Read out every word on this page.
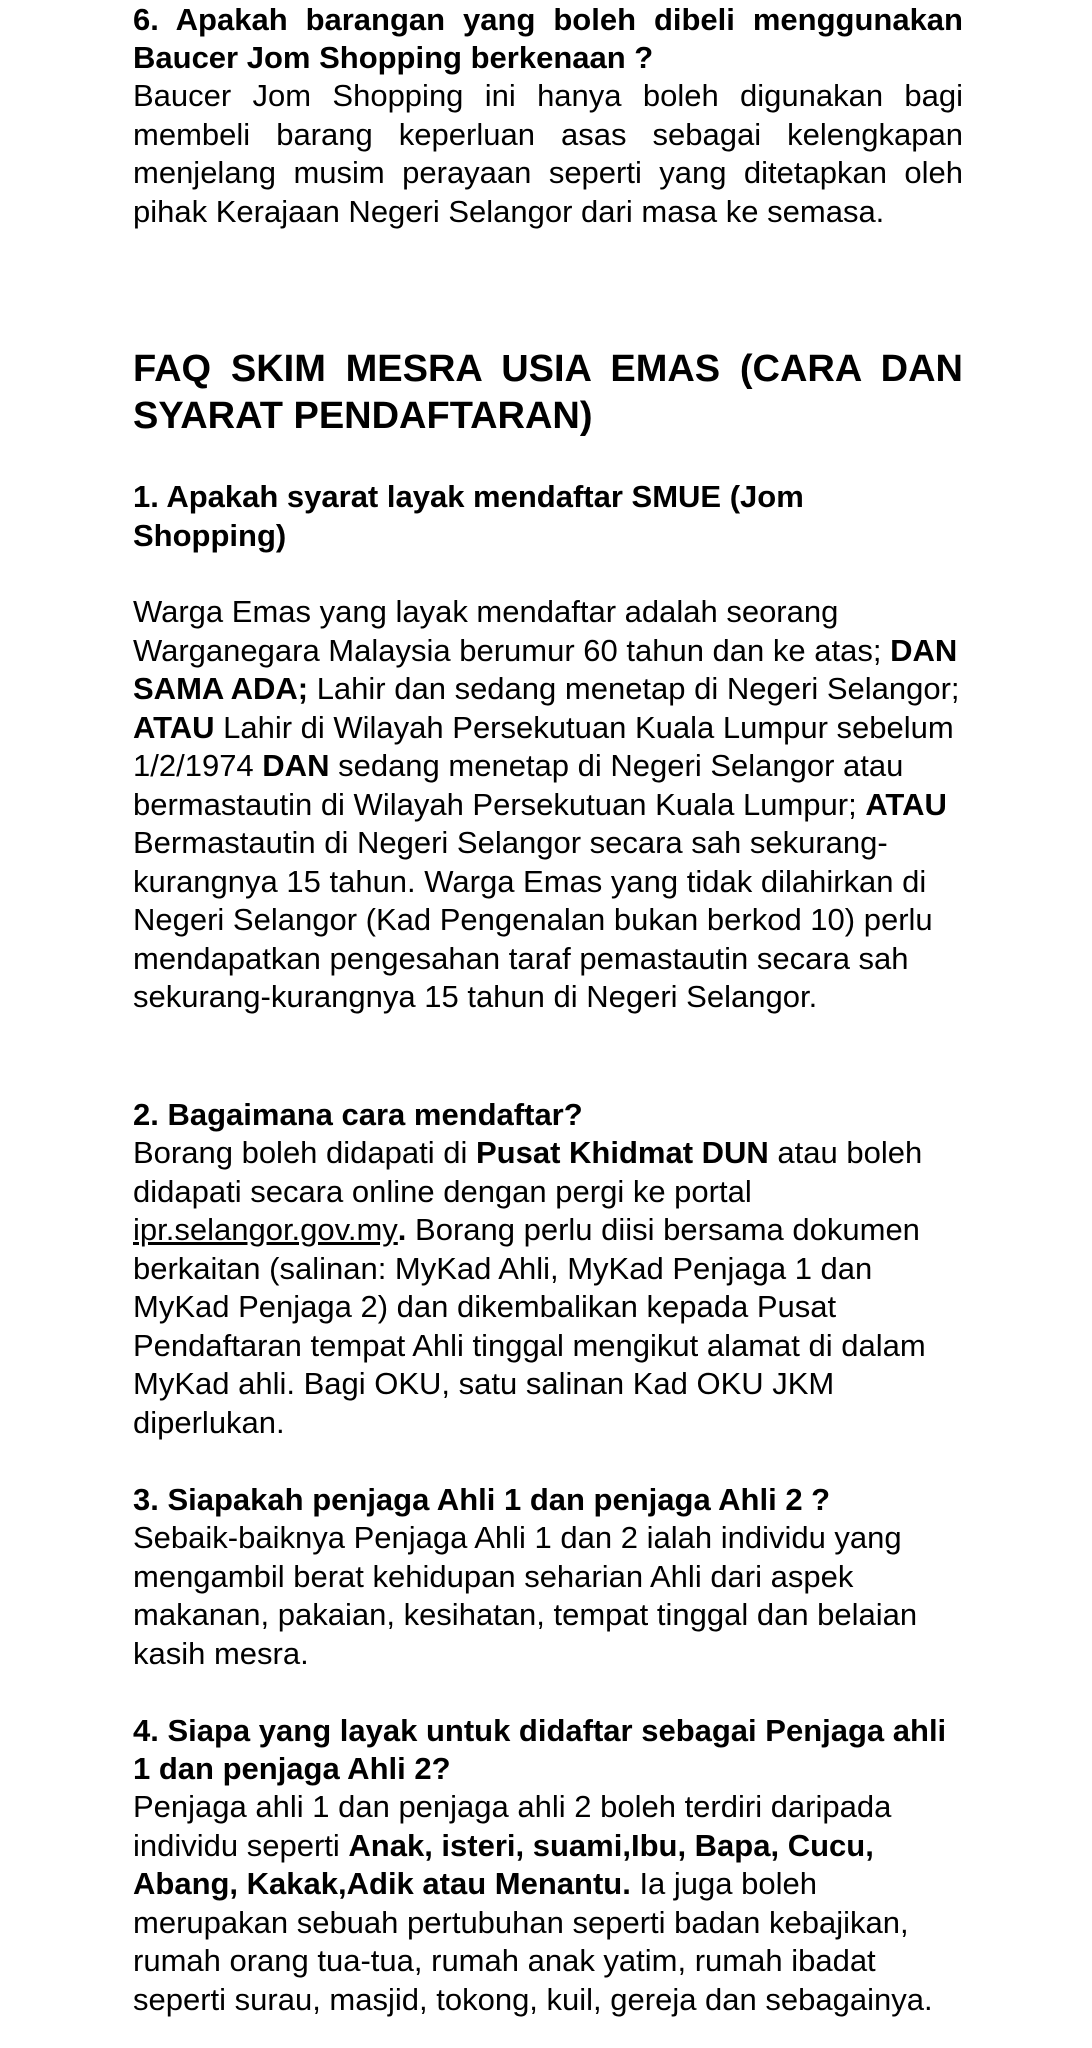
6. Apakah barangan yang boleh dibeli menggunakan Baucer Jom Shopping berkenaan ?

Baucer Jom Shopping ini hanya boleh digunakan bagi membeli barang keperluan asas sebagai kelengkapan menjelang musim perayaan seperti yang ditetapkan oleh pihak Kerajaan Negeri Selangor dari masa ke semasa.

FAQ SKIM MESRA USIA EMAS (CARA DAN SYARAT PENDAFTARAN)

1. Apakah syarat layak mendaftar SMUE (Jom Shopping)

Warga Emas yang layak mendaftar adalah seorang Warganegara Malaysia berumur 60 tahun dan ke atas; DAN SAMA ADA; Lahir dan sedang menetap di Negeri Selangor; ATAU Lahir di Wilayah Persekutuan Kuala Lumpur sebelum 1/2/1974 DAN sedang menetap di Negeri Selangor atau bermastautin di Wilayah Persekutuan Kuala Lumpur; ATAU Bermastautin di Negeri Selangor secara sah sekurang-kurangnya 15 tahun. Warga Emas yang tidak dilahirkan di Negeri Selangor (Kad Pengenalan bukan berkod 10) perlu mendapatkan pengesahan taraf pemastautin secara sah sekurang-kurangnya 15 tahun di Negeri Selangor.

2. Bagaimana cara mendaftar?

Borang boleh didapati di Pusat Khidmat DUN atau boleh didapati secara online dengan pergi ke portal ipr.selangor.gov.my. Borang perlu diisi bersama dokumen berkaitan (salinan: MyKad Ahli, MyKad Penjaga 1 dan MyKad Penjaga 2) dan dikembalikan kepada Pusat Pendaftaran tempat Ahli tinggal mengikut alamat di dalam MyKad ahli. Bagi OKU, satu salinan Kad OKU JKM diperlukan.

3. Siapakah penjaga Ahli 1 dan penjaga Ahli 2 ?

Sebaik-baiknya Penjaga Ahli 1 dan 2 ialah individu yang mengambil berat kehidupan seharian Ahli dari aspek makanan, pakaian, kesihatan, tempat tinggal dan belaian kasih mesra.

4. Siapa yang layak untuk didaftar sebagai Penjaga ahli 1 dan penjaga Ahli 2?

Penjaga ahli 1 dan penjaga ahli 2 boleh terdiri daripada individu seperti Anak, isteri, suami,Ibu, Bapa, Cucu, Abang, Kakak,Adik atau Menantu. Ia juga boleh merupakan sebuah pertubuhan seperti badan kebajikan, rumah orang tua-tua, rumah anak yatim, rumah ibadat seperti surau, masjid, tokong, kuil, gereja dan sebagainya.
